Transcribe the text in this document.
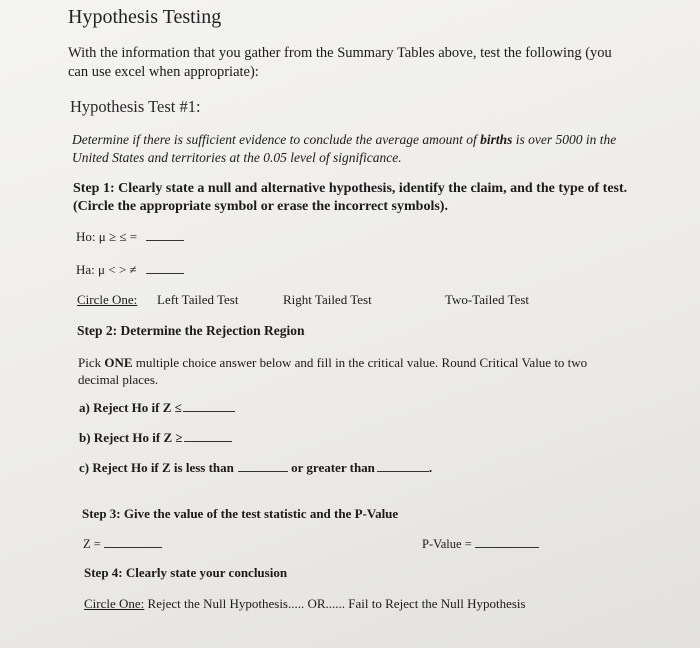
Hypothesis Testing
With the information that you gather from the Summary Tables above, test the following (you can use excel when appropriate):
Hypothesis Test #1:
Determine if there is sufficient evidence to conclude the average amount of births is over 5000 in the United States and territories at the 0.05 level of significance.
Step 1: Clearly state a null and alternative hypothesis, identify the claim, and the type of test. (Circle the appropriate symbol or erase the incorrect symbols).
Ho: μ ≥ ≤ =
Ha: μ < > ≠
Circle One: Left Tailed Test	Right Tailed Test	Two-Tailed Test
Step 2: Determine the Rejection Region
Pick ONE multiple choice answer below and fill in the critical value. Round Critical Value to two decimal places.
a) Reject Ho if Z ≤
b) Reject Ho if Z ≥
c) Reject Ho if Z is less than	or greater than	.
Step 3: Give the value of the test statistic and the P-Value
Z =	P-Value =
Step 4: Clearly state your conclusion
Circle One: Reject the Null Hypothesis..... OR...... Fail to Reject the Null Hypothesis
